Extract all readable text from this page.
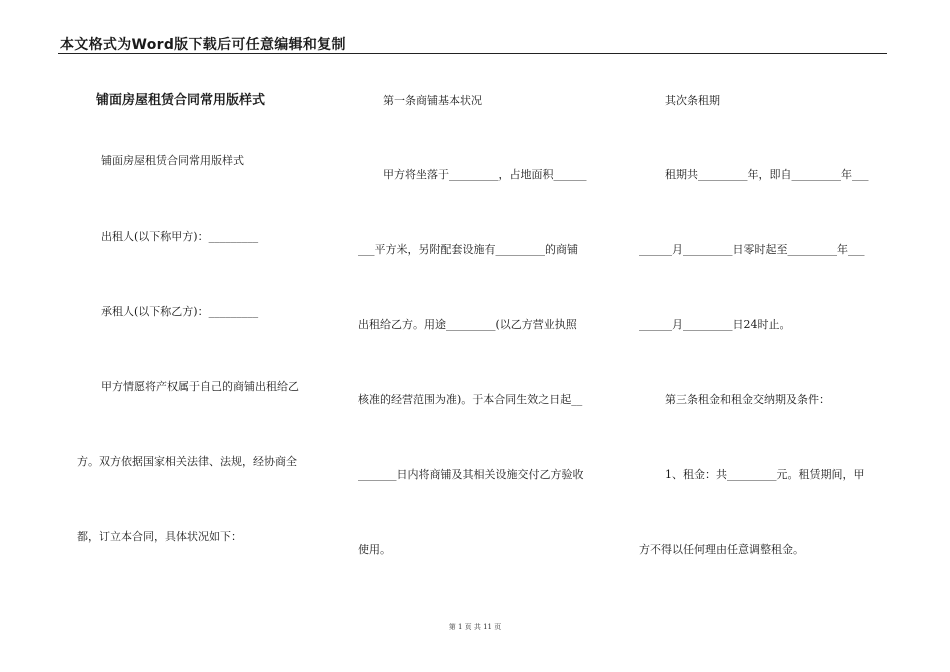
本文格式为Word版下载后可任意编辑和复制
铺面房屋租赁合同常用版样式
铺面房屋租赁合同常用版样式
出租人(以下称甲方)：_________
承租人(以下称乙方)：_________
甲方情愿将产权属于自己的商铺出租给乙
方。双方依据国家相关法律、法规，经协商全
都，订立本合同，具体状况如下：
第一条商铺基本状况
甲方将坐落于_________，占地面积______
___平方米，另附配套设施有_________的商铺
出租给乙方。用途_________(以乙方营业执照
核准的经营范围为准)。于本合同生效之日起__
_______日内将商铺及其相关设施交付乙方验收
使用。
其次条租期
租期共_________年，即自_________年___
______月_________日零时起至_________年___
______月_________日24时止。
第三条租金和租金交纳期及条件：
1、租金：共_________元。租赁期间，甲
方不得以任何理由任意调整租金。
第 1 页 共 11 页
